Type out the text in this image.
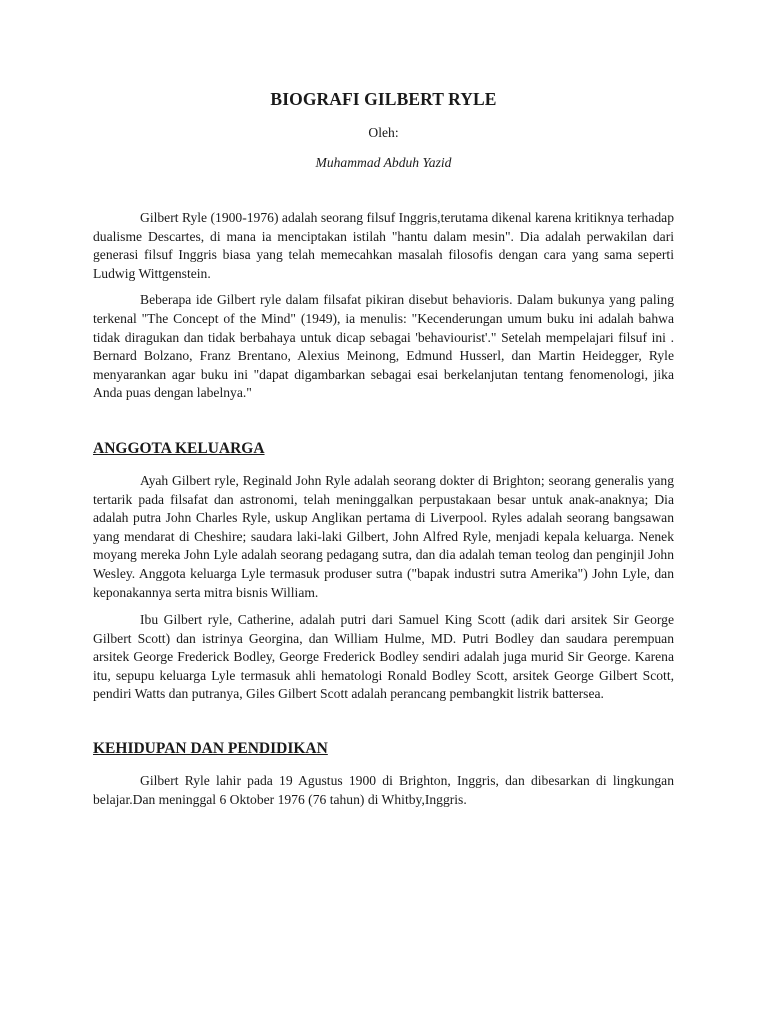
BIOGRAFI GILBERT RYLE
Oleh:
Muhammad Abduh Yazid

Gilbert Ryle (1900-1976) adalah seorang filsuf Inggris,terutama dikenal karena kritiknya terhadap dualisme Descartes, di mana ia menciptakan istilah "hantu dalam mesin". Dia adalah perwakilan dari generasi filsuf Inggris biasa yang telah memecahkan masalah filosofis dengan cara yang sama seperti Ludwig Wittgenstein.

Beberapa ide Gilbert ryle dalam filsafat pikiran disebut behavioris. Dalam bukunya yang paling terkenal "The Concept of the Mind" (1949), ia menulis: "Kecenderungan umum buku ini adalah bahwa tidak diragukan dan tidak berbahaya untuk dicap sebagai 'behaviourist'." Setelah mempelajari filsuf ini . Bernard Bolzano, Franz Brentano, Alexius Meinong, Edmund Husserl, dan Martin Heidegger, Ryle menyarankan agar buku ini "dapat digambarkan sebagai esai berkelanjutan tentang fenomenologi, jika Anda puas dengan labelnya."

ANGGOTA KELUARGA

Ayah Gilbert ryle, Reginald John Ryle adalah seorang dokter di Brighton; seorang generalis yang tertarik pada filsafat dan astronomi, telah meninggalkan perpustakaan besar untuk anak-anaknya; Dia adalah putra John Charles Ryle, uskup Anglikan pertama di Liverpool. Ryles adalah seorang bangsawan yang mendarat di Cheshire; saudara laki-laki Gilbert, John Alfred Ryle, menjadi kepala keluarga. Nenek moyang mereka John Lyle adalah seorang pedagang sutra, dan dia adalah teman teolog dan penginjil John Wesley. Anggota keluarga Lyle termasuk produser sutra ("bapak industri sutra Amerika") John Lyle, dan keponakannya serta mitra bisnis William.

Ibu Gilbert ryle, Catherine, adalah putri dari Samuel King Scott (adik dari arsitek Sir George Gilbert Scott) dan istrinya Georgina, dan William Hulme, MD. Putri Bodley dan saudara perempuan arsitek George Frederick Bodley, George Frederick Bodley sendiri adalah juga murid Sir George. Karena itu, sepupu keluarga Lyle termasuk ahli hematologi Ronald Bodley Scott, arsitek George Gilbert Scott, pendiri Watts dan putranya, Giles Gilbert Scott adalah perancang pembangkit listrik battersea.

KEHIDUPAN DAN PENDIDIKAN

Gilbert Ryle lahir pada 19 Agustus 1900 di Brighton, Inggris, dan dibesarkan di lingkungan belajar.Dan meninggal 6 Oktober 1976 (76 tahun) di Whitby,Inggris.
